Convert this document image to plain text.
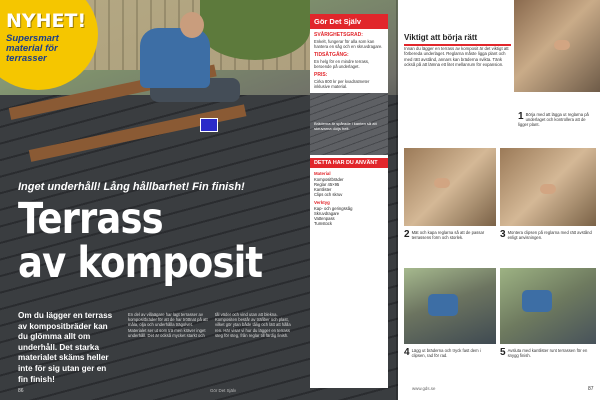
NYHET!
Supersmart material för terrasser
Inget underhåll! Lång hållbarhet! Fin finish!
Terrass
av komposit
Om du lägger en terrass av kompositbräder kan du glömma allt om underhåll. Det starka materialet skäms heller inte för sig utan ger en fin finish!
En del av villaägare har lagt terrasser av kompositbräder för att de har tröttnat på att måla, olja och underhålla trägolvet. Materialet ser ut som trä men kräver inget underhåll. Det är också mycket starkt och tål väder och vind utan att blekna. Kompositen består av träfiber och plast, vilket gör ytan både tålig och lätt att hålla ren. Här visar vi hur du lägger en terrass steg för steg, från reglar till färdig finish.
86	Gör Det Själv
Gör Det Själv
SVÅRIGHETSGRAD:
Enkelt, fungerar för alla som kan hantera en såg och en skruvdragare.
TIDSÅTGÅNG:
En helg för en mindre terrass, beroende på underlaget.
PRIS:
Cirka 800 kr per kvadratmeter inklusive material.
Bräderna är spårade i kanten så att skruvarna döljs helt.
DETTA HAR DU ANVÄNT
Material
Kompositbräder
Reglar 45×95
Kantlister
Clips och skruv
Verktyg
Kap- och geringssåg
Skruvdragare
Vattenpass
Tumstock
Viktigt att börja rätt
Innan du lägger en terrass av komposit är det viktigt att förbereda underlaget. Reglarna måste ligga plant och med rätt avstånd, annars kan bräderna svikta. Tänk också på att lämna ett litet mellanrum för expansion.
1 Börja med att lägga ut reglarna på underlaget och kontrollera att de ligger plant.
2 Mät och kapa reglarna så att de passar terrassens form och storlek.	3 Montera clipsen på reglarna med rätt avstånd enligt anvisningen.
4 Lägg ut bräderna och tryck fast dem i clipsen, rad för rad.	5 Avsluta med kantlister runt terrassen för en snygg finish.
www.gds.se	87
